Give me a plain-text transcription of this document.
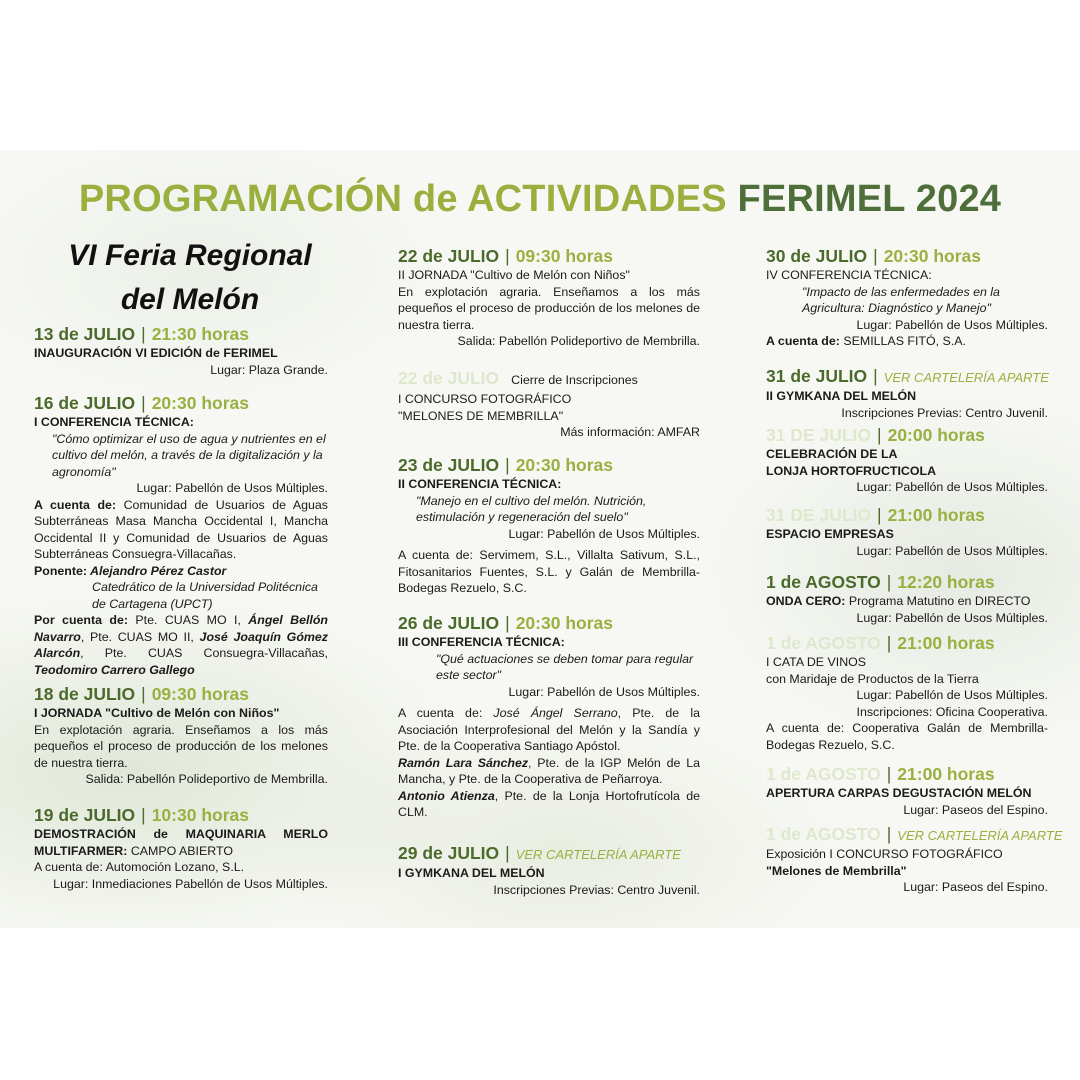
PROGRAMACIÓN de ACTIVIDADES FERIMEL 2024
VI Feria Regional
del Melón
13 de JULIO | 21:30 horas
INAUGURACIÓN VI EDICIÓN de FERIMEL
Lugar: Plaza Grande.
16 de JULIO | 20:30 horas
I CONFERENCIA TÉCNICA:
"Cómo optimizar el uso de agua y nutrientes en el cultivo del melón, a través de la digitalización y la agronomía"
Lugar: Pabellón de Usos Múltiples.
A cuenta de: Comunidad de Usuarios de Aguas Subterráneas Masa Mancha Occidental I, Mancha Occidental II y Comunidad de Usuarios de Aguas Subterráneas Consuegra-Villacañas.
Ponente: Alejandro Pérez Castor
Catedrático de la Universidad Politécnica de Cartagena (UPCT)
Por cuenta de: Pte. CUAS MO I, Ángel Bellón Navarro, Pte. CUAS MO II, José Joaquín Gómez Alarcón, Pte. CUAS Consuegra-Villacañas, Teodomiro Carrero Gallego
18 de JULIO | 09:30 horas
I JORNADA "Cultivo de Melón con Niños"
En explotación agraria. Enseñamos a los más pequeños el proceso de producción de los melones de nuestra tierra.
Salida: Pabellón Polideportivo de Membrilla.
19 de JULIO | 10:30 horas
DEMOSTRACIÓN de MAQUINARIA MERLO MULTIFARMER: CAMPO ABIERTO
A cuenta de: Automoción Lozano, S.L.
Lugar: Inmediaciones Pabellón de Usos Múltiples.
22 de JULIO | 09:30 horas
II JORNADA "Cultivo de Melón con Niños"
En explotación agraria. Enseñamos a los más pequeños el proceso de producción de los melones de nuestra tierra.
Salida: Pabellón Polideportivo de Membrilla.
22 de JULIO Cierre de Inscripciones
I CONCURSO FOTOGRÁFICO
"MELONES DE MEMBRILLA"
Más información: AMFAR
23 de JULIO | 20:30 horas
II CONFERENCIA TÉCNICA:
"Manejo en el cultivo del melón. Nutrición, estimulación y regeneración del suelo"
Lugar: Pabellón de Usos Múltiples.
A cuenta de: Servimem, S.L., Villalta Sativum, S.L., Fitosanitarios Fuentes, S.L. y Galán de Membrilla-Bodegas Rezuelo, S.C.
26 de JULIO | 20:30 horas
III CONFERENCIA TÉCNICA:
"Qué actuaciones se deben tomar para regular este sector"
Lugar: Pabellón de Usos Múltiples.
A cuenta de: José Ángel Serrano, Pte. de la Asociación Interprofesional del Melón y la Sandía y Pte. de la Cooperativa Santiago Apóstol.
Ramón Lara Sánchez, Pte. de la IGP Melón de La Mancha, y Pte. de la Cooperativa de Peñarroya.
Antonio Atienza, Pte. de la Lonja Hortofrutícola de CLM.
29 de JULIO | VER CARTELERÍA APARTE
I GYMKANA DEL MELÓN
Inscripciones Previas: Centro Juvenil.
30 de JULIO | 20:30 horas
IV CONFERENCIA TÉCNICA:
"Impacto de las enfermedades en la Agricultura: Diagnóstico y Manejo"
Lugar: Pabellón de Usos Múltiples.
A cuenta de: SEMILLAS FITÓ, S.A.
31 de JULIO | VER CARTELERÍA APARTE
II GYMKANA DEL MELÓN
Inscripciones Previas: Centro Juvenil.
31 DE JULIO | 20:00 horas
CELEBRACIÓN DE LA
LONJA HORTOFRUCTICOLA
Lugar: Pabellón de Usos Múltiples.
31 DE JULIO | 21:00 horas
ESPACIO EMPRESAS
Lugar: Pabellón de Usos Múltiples.
1 de AGOSTO | 12:20 horas
ONDA CERO: Programa Matutino en DIRECTO
Lugar: Pabellón de Usos Múltiples.
1 de AGOSTO | 21:00 horas
I CATA DE VINOS
con Maridaje de Productos de la Tierra
Lugar: Pabellón de Usos Múltiples.
Inscripciones: Oficina Cooperativa.
A cuenta de: Cooperativa Galán de Membrilla-Bodegas Rezuelo, S.C.
1 de AGOSTO | 21:00 horas
APERTURA CARPAS DEGUSTACIÓN MELÓN
Lugar: Paseos del Espino.
1 de AGOSTO | VER CARTELERÍA APARTE
Exposición I CONCURSO FOTOGRÁFICO
"Melones de Membrilla"
Lugar: Paseos del Espino.
